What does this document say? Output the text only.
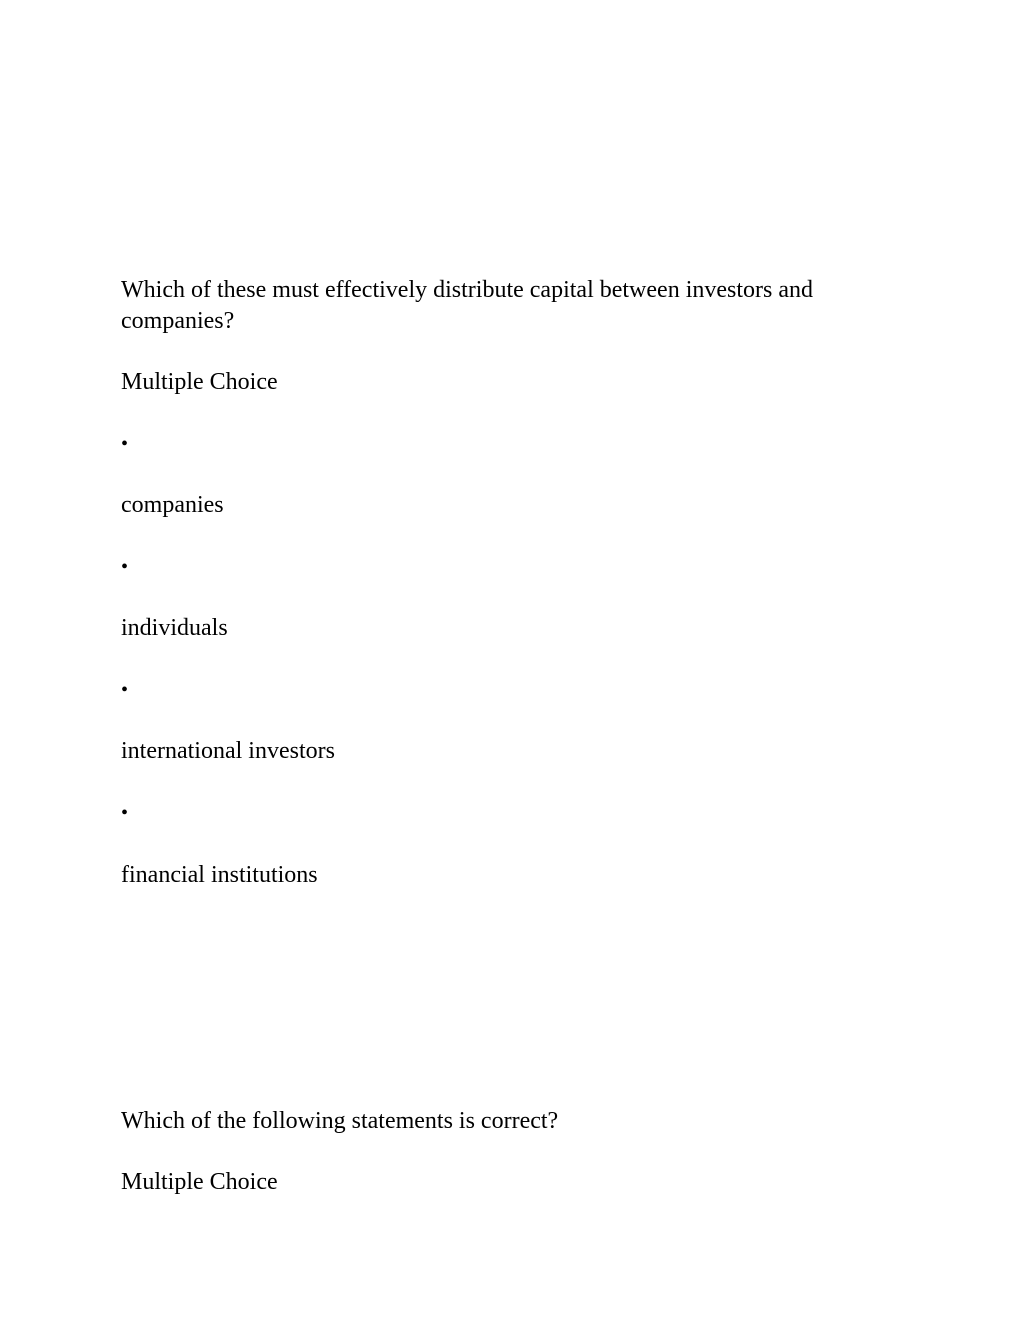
Which of these must effectively distribute capital between investors and companies?
Multiple Choice
•
companies
•
individuals
•
international investors
•
financial institutions
Which of the following statements is correct?
Multiple Choice
